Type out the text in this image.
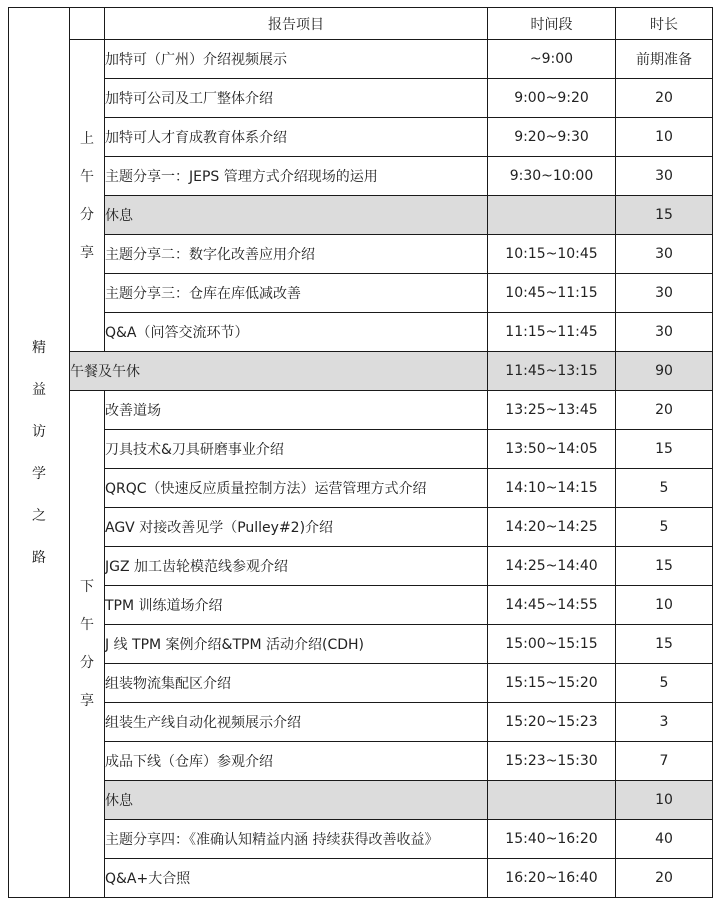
精益访学之路		报告项目	时间段	时长
	上午分享	加特可（广州）介绍视频展示	~9:00	前期准备
		加特可公司及工厂整体介绍	9:00~9:20	20
		加特可人才育成教育体系介绍	9:20~9:30	10
		主题分享一：JEPS 管理方式介绍现场的运用	9:30~10:00	30
		休息		15
		主题分享二：数字化改善应用介绍	10:15~10:45	30
		主题分享三：仓库在库低减改善	10:45~11:15	30
		Q&A（问答交流环节）	11:15~11:45	30
	午餐及午休		11:45~13:15	90
	下午分享	改善道场	13:25~13:45	20
		刀具技术&刀具研磨事业介绍	13:50~14:05	15
		QRQC（快速反应质量控制方法）运营管理方式介绍	14:10~14:15	5
		AGV 对接改善见学（Pulley#2)介绍	14:20~14:25	5
		JGZ 加工齿轮模范线参观介绍	14:25~14:40	15
		TPM 训练道场介绍	14:45~14:55	10
		J 线 TPM 案例介绍&TPM 活动介绍(CDH)	15:00~15:15	15
		组装物流集配区介绍	15:15~15:20	5
		组装生产线自动化视频展示介绍	15:20~15:23	3
		成品下线（仓库）参观介绍	15:23~15:30	7
		休息		10
		主题分享四：《准确认知精益内涵 持续获得改善收益》	15:40~16:20	40
		Q&A+大合照	16:20~16:40	20
